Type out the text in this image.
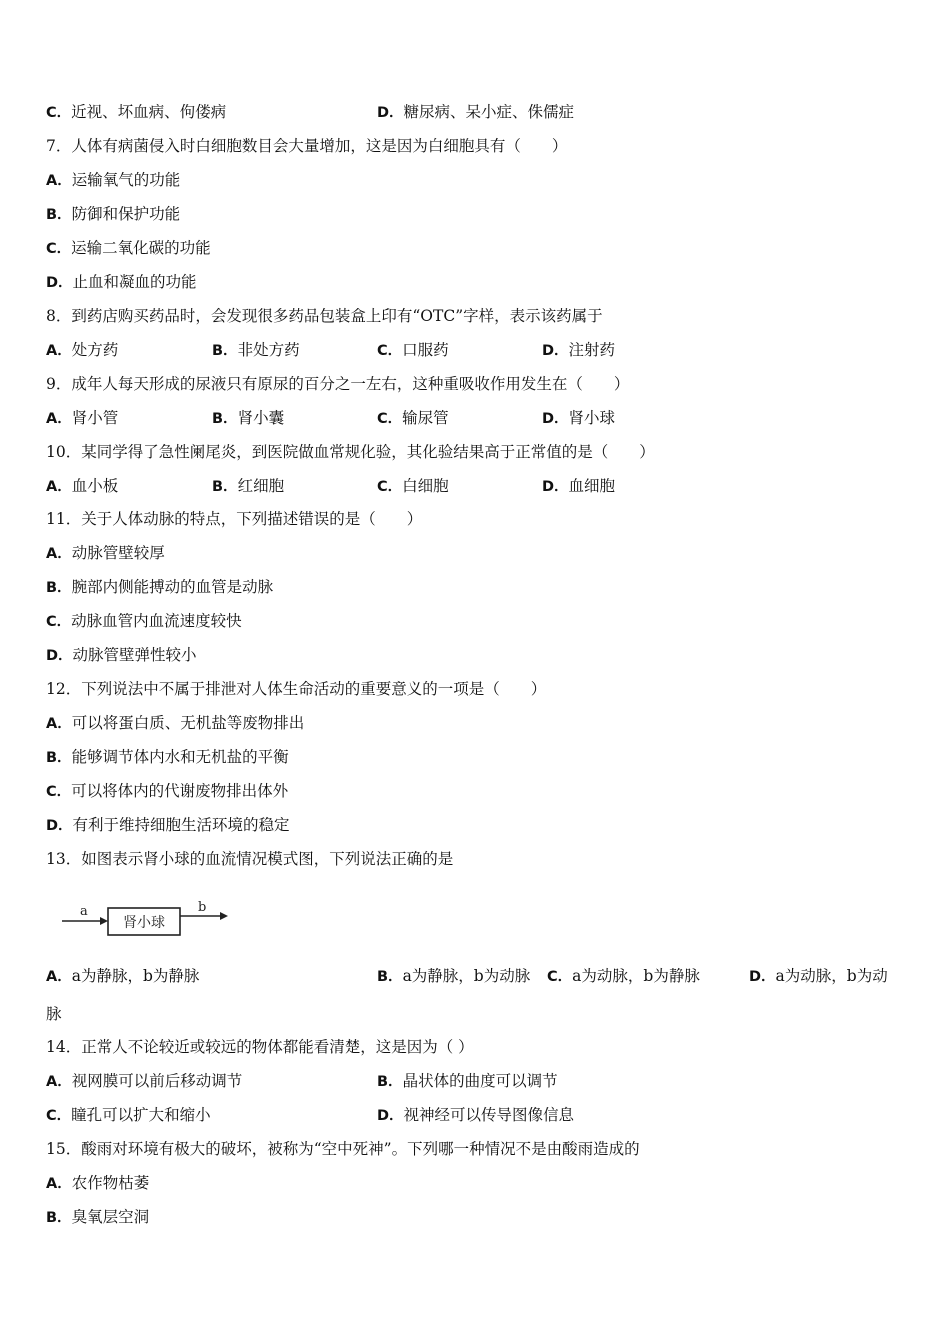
C．近视、坏血病、佝偻病	D．糖尿病、呆小症、侏儒症
7．人体有病菌侵入时白细胞数目会大量增加，这是因为白细胞具有（　　）
A．运输氧气的功能
B．防御和保护功能
C．运输二氧化碳的功能
D．止血和凝血的功能
8．到药店购买药品时，会发现很多药品包装盒上印有“OTC”字样，表示该药属于
A．处方药	B．非处方药	C．口服药	D．注射药
9．成年人每天形成的尿液只有原尿的百分之一左右，这种重吸收作用发生在（　　）
A．肾小管	B．肾小囊	C．输尿管	D．肾小球
10．某同学得了急性阑尾炎，到医院做血常规化验，其化验结果高于正常值的是（　　）
A．血小板	B．红细胞	C．白细胞	D．血细胞
11．关于人体动脉的特点，下列描述错误的是（　　）
A．动脉管壁较厚
B．腕部内侧能搏动的血管是动脉
C．动脉血管内血流速度较快
D．动脉管壁弹性较小
12．下列说法中不属于排泄对人体生命活动的重要意义的一项是（　　）
A．可以将蛋白质、无机盐等废物排出
B．能够调节体内水和无机盐的平衡
C．可以将体内的代谢废物排出体外
D．有利于维持细胞生活环境的稳定
13．如图表示肾小球的血流情况模式图，下列说法正确的是
a
肾小球
b
A．a为静脉，b为静脉	B．a为静脉，b为动脉 C．a为动脉，b为静脉	D．a为动脉，b为动
脉
14．正常人不论较近或较远的物体都能看清楚，这是因为（ ）
A．视网膜可以前后移动调节	B．晶状体的曲度可以调节
C．瞳孔可以扩大和缩小	D．视神经可以传导图像信息
15．酸雨对环境有极大的破坏，被称为“空中死神”。下列哪一种情况不是由酸雨造成的
A．农作物枯萎
B．臭氧层空洞
